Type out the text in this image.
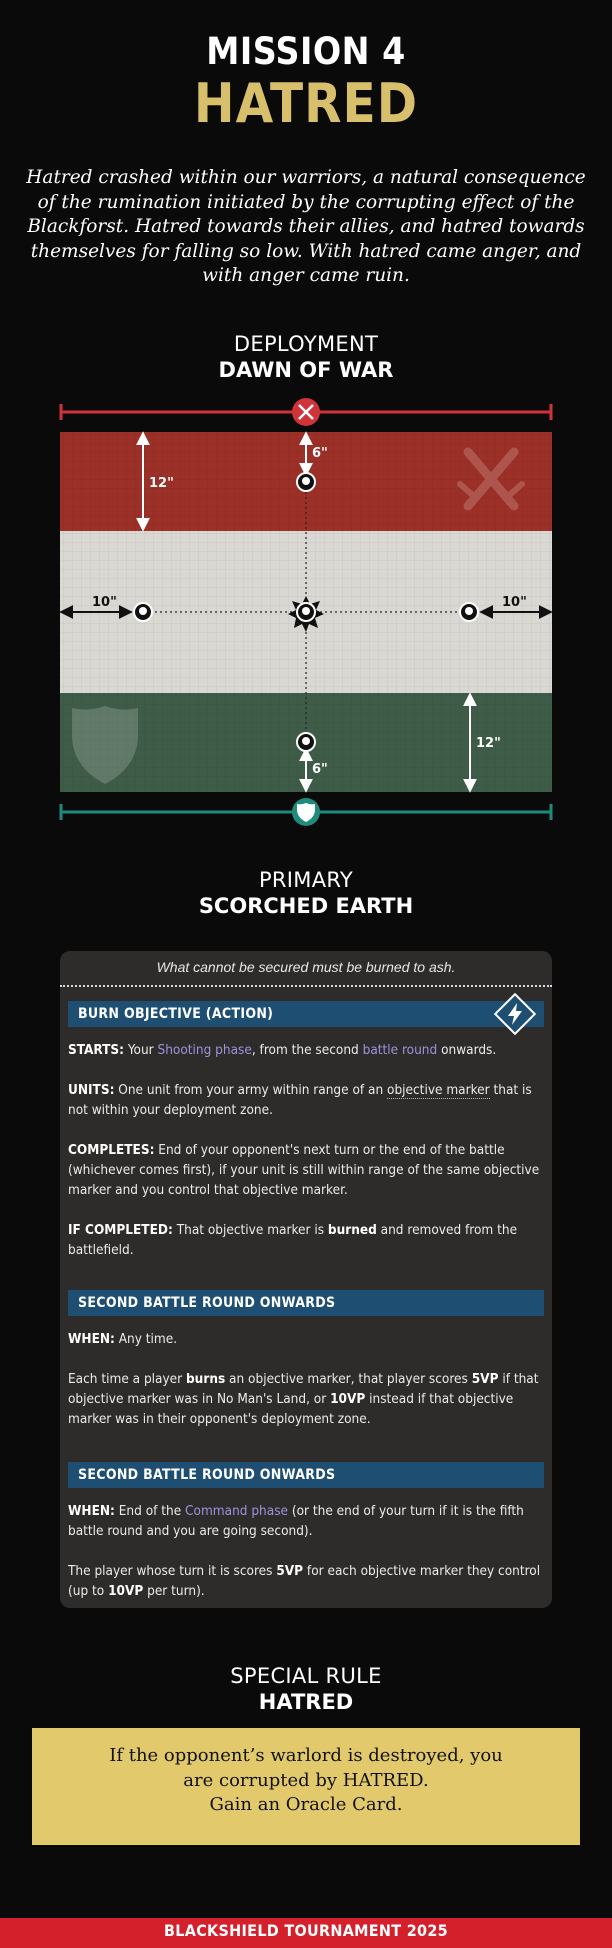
MISSION 4
HATRED
Hatred crashed within our warriors, a natural consequence of the rumination initiated by the corrupting effect of the Blackforst. Hatred towards their allies, and hatred towards themselves for falling so low. With hatred came anger, and with anger came ruin.
DEPLOYMENT
DAWN OF WAR
12"
6"
10"	10"
12"
6"
PRIMARY
SCORCHED EARTH
What cannot be secured must be burned to ash.
BURN OBJECTIVE (ACTION)
STARTS: Your Shooting phase, from the second battle round onwards.
UNITS: One unit from your army within range of an objective marker that is not within your deployment zone.
COMPLETES: End of your opponent's next turn or the end of the battle (whichever comes first), if your unit is still within range of the same objective marker and you control that objective marker.
IF COMPLETED: That objective marker is burned and removed from the battlefield.
SECOND BATTLE ROUND ONWARDS
WHEN: Any time.
Each time a player burns an objective marker, that player scores 5VP if that objective marker was in No Man's Land, or 10VP instead if that objective marker was in their opponent's deployment zone.
SECOND BATTLE ROUND ONWARDS
WHEN: End of the Command phase (or the end of your turn if it is the fifth battle round and you are going second).
The player whose turn it is scores 5VP for each objective marker they control (up to 10VP per turn).
SPECIAL RULE
HATRED
If the opponent’s warlord is destroyed, you
are corrupted by HATRED.
Gain an Oracle Card.
BLACKSHIELD TOURNAMENT 2025
